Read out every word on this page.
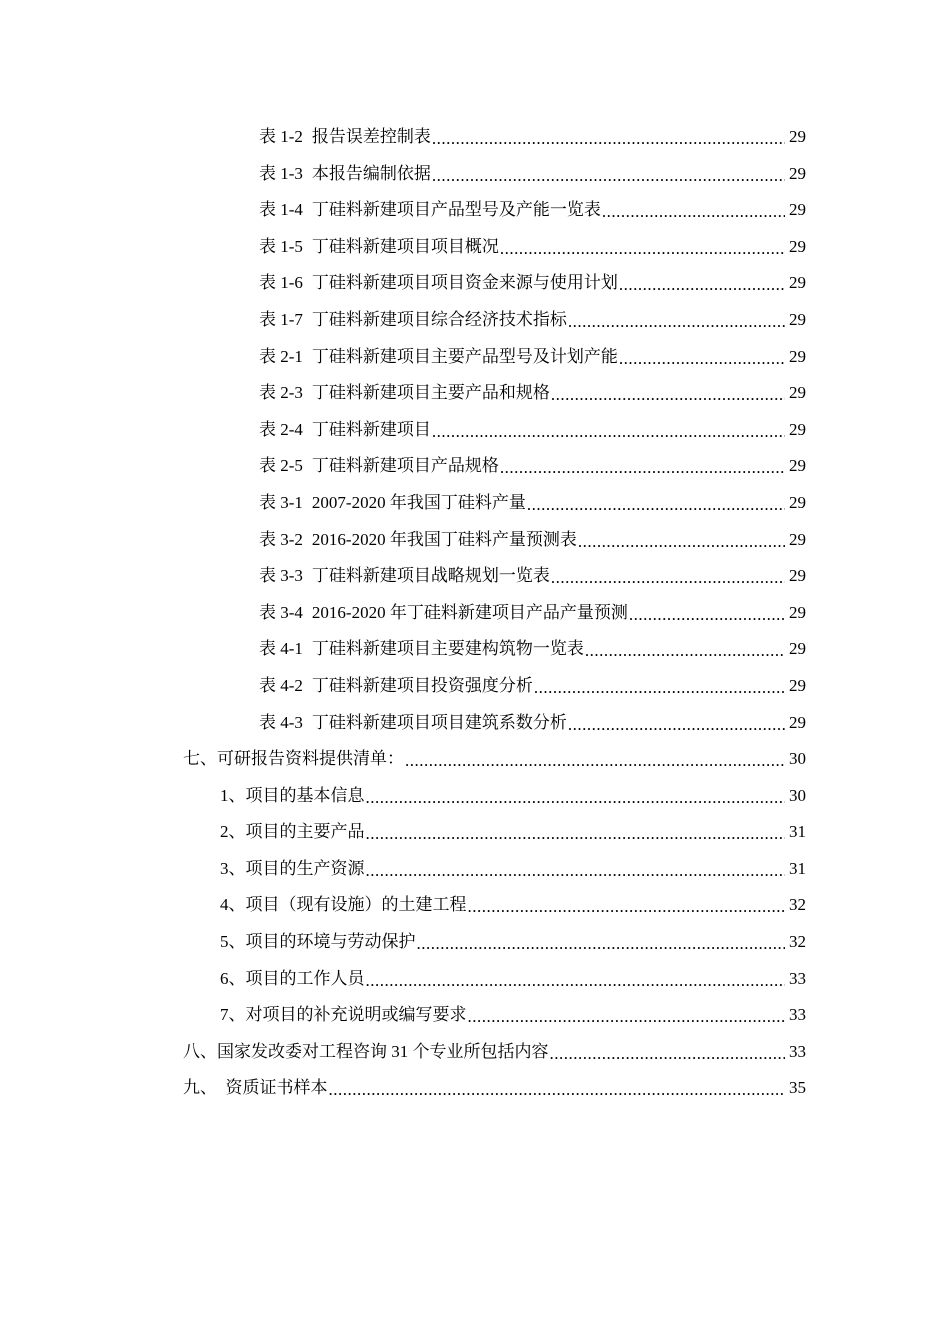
表 1-2 报告误差控制表 .....	29
表 1-3 本报告编制依据 .....	29
表 1-4 丁硅料新建项目产品型号及产能一览表 .....	29
表 1-5 丁硅料新建项目项目概况 .....	29
表 1-6 丁硅料新建项目项目资金来源与使用计划 .....	29
表 1-7 丁硅料新建项目综合经济技术指标 .....	29
表 2-1 丁硅料新建项目主要产品型号及计划产能 .....	29
表 2-3 丁硅料新建项目主要产品和规格 .....	29
表 2-4 丁硅料新建项目 .....	29
表 2-5 丁硅料新建项目产品规格 .....	29
表 3-1 2007-2020 年我国丁硅料产量 .....	29
表 3-2 2016-2020 年我国丁硅料产量预测表 .....	29
表 3-3 丁硅料新建项目战略规划一览表 .....	29
表 3-4 2016-2020 年丁硅料新建项目产品产量预测 .....	29
表 4-1 丁硅料新建项目主要建构筑物一览表 .....	29
表 4-2 丁硅料新建项目投资强度分析 .....	29
表 4-3 丁硅料新建项目项目建筑系数分析 .....	29
七、可研报告资料提供清单： .....	30
1、项目的基本信息 .....	30
2、项目的主要产品 .....	31
3、项目的生产资源 .....	31
4、项目（现有设施）的土建工程 .....	32
5、项目的环境与劳动保护 .....	32
6、项目的工作人员 .....	33
7、对项目的补充说明或编写要求 .....	33
八、国家发改委对工程咨询 31 个专业所包括内容 .....	33
九、  资质证书样本 .....	35
